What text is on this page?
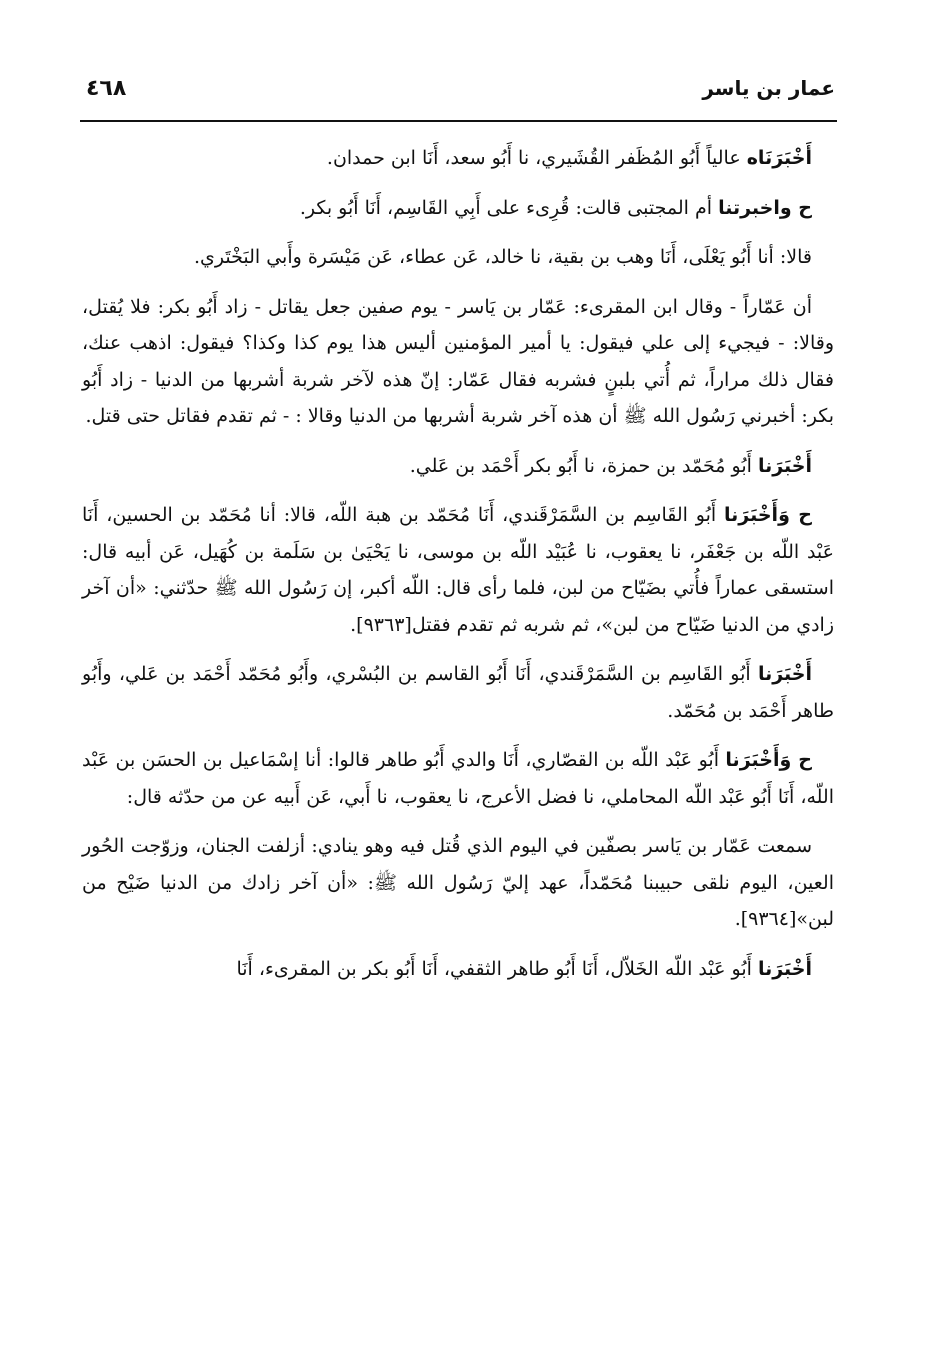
٤٦٨	عمار بن ياسر

أَخْبَرَنَاه عالياً أَبُو المُظَفر القُشَيري، نا أَبُو سعد، أَنَا ابن حمدان.

ح واخبرتنا أم المجتبى قالت: قُرِىء على أَبِي القَاسِم، أَنَا أَبُو بكر.

قالا: أنا أَبُو يَعْلَى، أَنَا وهب بن بقية، نا خالد، عَن عطاء، عَن مَيْسَرة وأَبي البَخْتَري.

أن عَمّاراً - وقال ابن المقرىء: عَمّار بن يَاسر - يوم صفين جعل يقاتل - زاد أَبُو بكر: فلا يُقتل، وقالا: - فيجيء إلى علي فيقول: يا أمير المؤمنين أليس هذا يوم كذا وكذا؟ فيقول: اذهب عنك، فقال ذلك مراراً، ثم أُتي بلبنٍ فشربه فقال عَمّار: إنّ هذه لآخر شربة أشربها من الدنيا - زاد أَبُو بكر: أخبرني رَسُول الله ﷺ أن هذه آخر شربة أشربها من الدنيا وقالا : - ثم تقدم فقاتل حتى قتل.

أَخْبَرَنا أَبُو مُحَمّد بن حمزة، نا أَبُو بكر أَحْمَد بن عَلي.

ح وَأَخْبَرَنا أَبُو القَاسِم بن السَّمَرْقَندي، أَنَا مُحَمّد بن هبة اللّه، قالا: أنا مُحَمّد بن الحسين، أَنَا عَبْد اللّه بن جَعْفَر، نا يعقوب، نا عُبَيْد اللّه بن موسى، نا يَحْيَىٰ بن سَلَمة بن كُهَيل، عَن أبيه قال: استسقى عماراً فأُتي بضَيّاح من لبن، فلما رأى قال: اللّه أكبر، إن رَسُول الله ﷺ حدّثني: «أن آخر زادي من الدنيا ضَيّاح من لبن»، ثم شربه ثم تقدم فقتل[٩٣٦٣].

أَخْبَرَنا أَبُو القَاسِم بن السَّمَرْقَندي، أَنَا أَبُو القاسم بن البُسْري، وأَبُو مُحَمّد أَحْمَد بن عَلي، وأَبُو طاهر أَحْمَد بن مُحَمّد.

ح وَأَخْبَرَنا أَبُو عَبْد اللّه بن القصّاري، أَنَا والدي أَبُو طاهر قالوا: أنا إسْمَاعيل بن الحسَن بن عَبْد اللّه، أَنَا أَبُو عَبْد اللّه المحاملي، نا فضل الأعرج، نا يعقوب، نا أَبي، عَن أَبيه عن من حدّثه قال:

سمعت عَمّار بن يَاسر بصفّين في اليوم الذي قُتل فيه وهو ينادي: أزلفت الجنان، وزوّجت الحُور العين، اليوم نلقى حبيبنا مُحَمّداً، عهد إليّ رَسُول الله ﷺ: «أن آخر زادك من الدنيا ضَيْح من لبن»[٩٣٦٤].

أَخْبَرَنا أَبُو عَبْد اللّه الخَلاّل، أَنَا أَبُو طاهر الثقفي، أَنَا أَبُو بكر بن المقرىء، أَنَا
